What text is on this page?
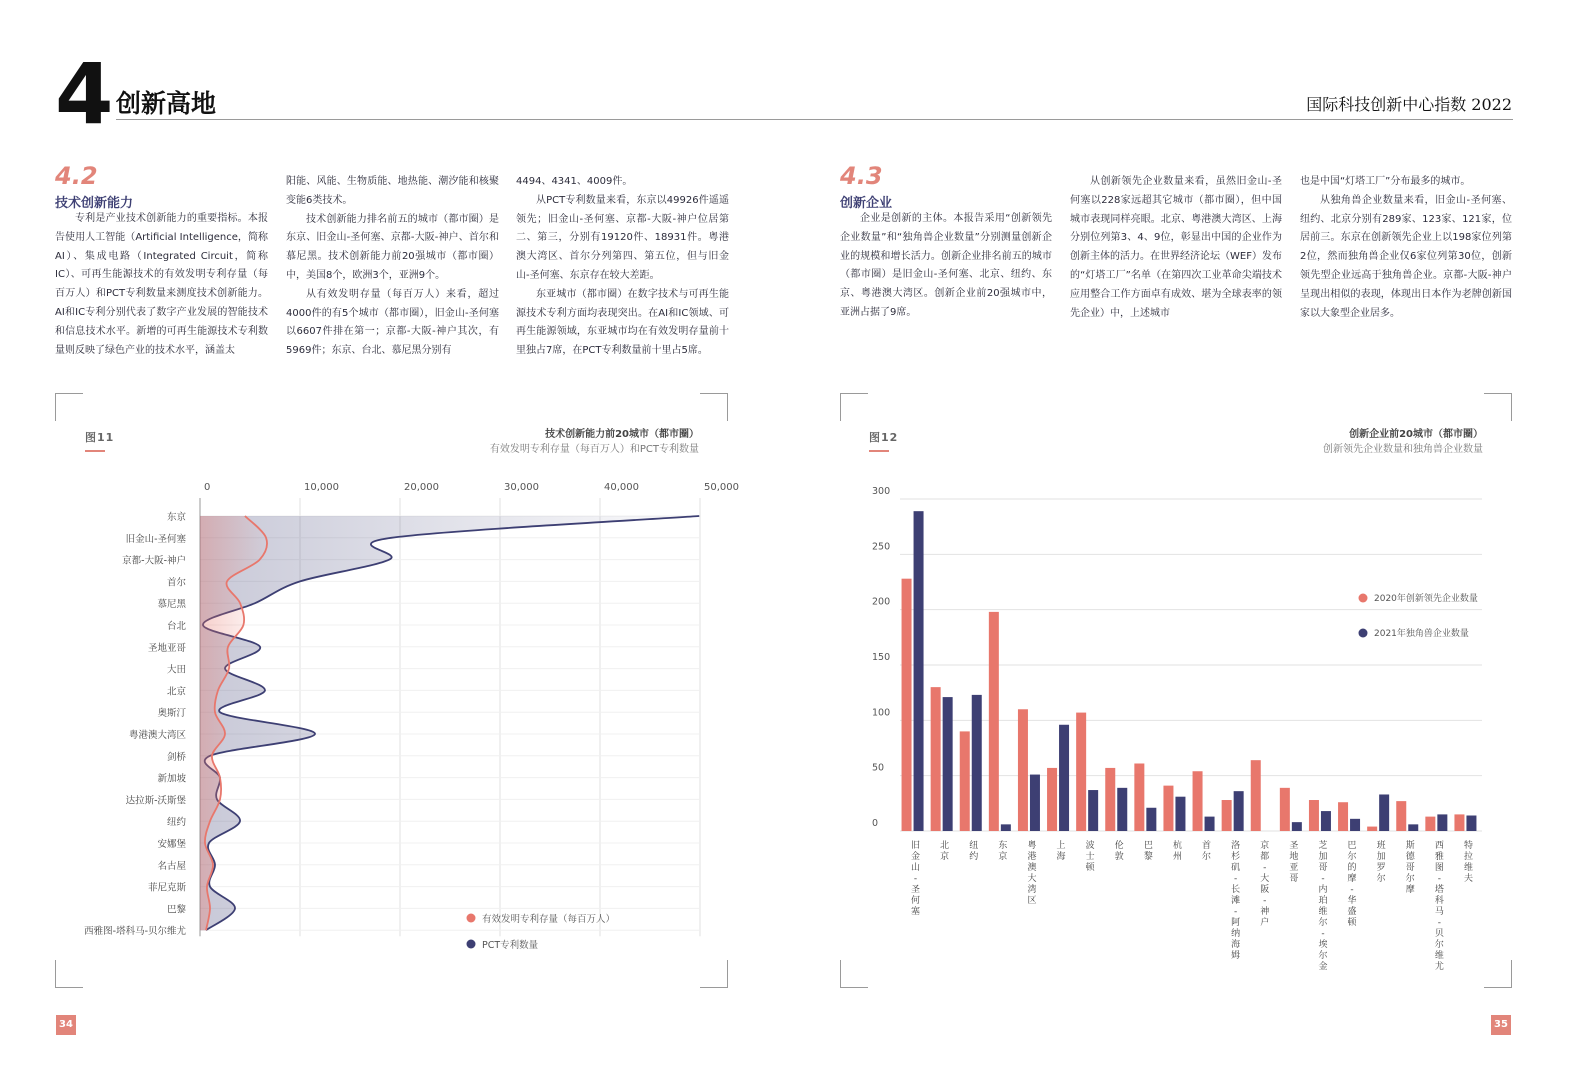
4 创新高地	国际科技创新中心指数 2022
4.2
技术创新能力

专利是产业技术创新能力的重要指标。本报告使用人工智能（Artificial Intelligence，简称AI）、集成电路（Integrated Circuit，简称IC）、可再生能源技术的有效发明专利存量（每百万人）和PCT专利数量来测度技术创新能力。AI和IC专利分别代表了数字产业发展的智能技术和信息技术水平。新增的可再生能源技术专利数量则反映了绿色产业的技术水平，涵盖太

阳能、风能、生物质能、地热能、潮汐能和核聚变能6类技术。

技术创新能力排名前五的城市（都市圈）是东京、旧金山-圣何塞、京都-大阪-神户、首尔和慕尼黑。技术创新能力前20强城市（都市圈）中，美国8个，欧洲3个，亚洲9个。

从有效发明存量（每百万人）来看，超过4000件的有5个城市（都市圈），旧金山-圣何塞以6607件排在第一；京都-大阪-神户其次，有5969件；东京、台北、慕尼黑分别有

4494、4341、4009件。

从PCT专利数量来看，东京以49926件遥遥领先；旧金山-圣何塞、京都-大阪-神户位居第二、第三，分别有19120件、18931件。粤港澳大湾区、首尔分列第四、第五位，但与旧金山-圣何塞、东京存在较大差距。

东亚城市（都市圈）在数字技术与可再生能源技术专利方面均表现突出。在AI和IC领域、可再生能源领域，东亚城市均在有效发明存量前十里独占7席，在PCT专利数量前十里占5席。

4.3
创新企业

企业是创新的主体。本报告采用“创新领先企业数量”和“独角兽企业数量”分别测量创新企业的规模和增长活力。创新企业排名前五的城市（都市圈）是旧金山-圣何塞、北京、纽约、东京、粤港澳大湾区。创新企业前20强城市中，亚洲占据了9席。

从创新领先企业数量来看，虽然旧金山-圣何塞以228家远超其它城市（都市圈），但中国城市表现同样亮眼。北京、粤港澳大湾区、上海分别位列第3、4、9位，彰显出中国的企业作为创新主体的活力。在世界经济论坛（WEF）发布的“灯塔工厂”名单（在第四次工业革命尖端技术应用整合工作方面卓有成效、堪为全球表率的领先企业）中，上述城市

也是中国“灯塔工厂”分布最多的城市。

从独角兽企业数量来看，旧金山-圣何塞、纽约、北京分别有289家、123家、121家，位居前三。东京在创新领先企业上以198家位列第2位，然而独角兽企业仅6家位列第30位，创新领先型企业远高于独角兽企业。京都-大阪-神户呈现出相似的表现，体现出日本作为老牌创新国家以大象型企业居多。

图11	技术创新能力前20城市（都市圈）
有效发明专利存量（每百万人）和PCT专利数量
0	10,000	20,000	30,000	40,000	50,000
东京
旧金山-圣何塞
京都-大阪-神户
首尔
慕尼黑
台北
圣地亚哥
大田
北京
奥斯汀
粤港澳大湾区
剑桥
新加坡
达拉斯-沃斯堡
纽约
安娜堡
名古屋
菲尼克斯
巴黎
西雅图-塔科马-贝尔维尤
有效发明专利存量（每百万人）
PCT专利数量
图12	创新企业前20城市（都市圈）
创新领先企业数量和独角兽企业数量
300
250
200
150
100
50
0
旧金山-圣何塞
北京
纽约
东京
粤港澳大湾区
上海
波士顿
伦敦
巴黎
杭州
首尔
洛杉矶-长滩-阿纳海姆
京都-大阪-神户
圣地亚哥
芝加哥-内珀维尔-埃尔金
巴尔的摩-华盛顿
班加罗尔
斯德哥尔摩
西雅图-塔科马-贝尔维尤
特拉维夫
2020年创新领先企业数量
2021年独角兽企业数量
34	35
